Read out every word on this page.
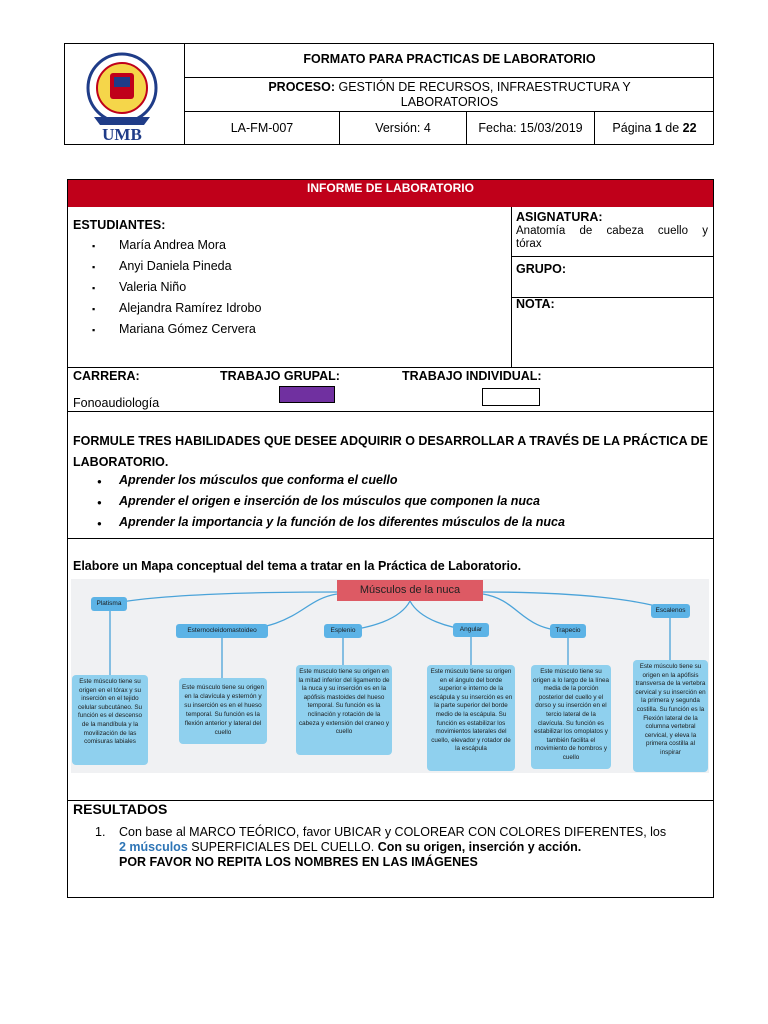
UMB
FORMATO PARA PRACTICAS DE LABORATORIO
PROCESO: GESTIÓN DE RECURSOS, INFRAESTRUCTURA Y
LABORATORIOS
LA-FM-007	Versión: 4	Fecha: 15/03/2019	Página 1 de 22
INFORME DE LABORATORIO
ESTUDIANTES:
▪ María Andrea Mora
▪ Anyi Daniela Pineda
▪ Valeria Niño
▪ Alejandra Ramírez Idrobo
▪ Mariana Gómez Cervera
ASIGNATURA:
Anatomía de cabeza cuello y
tórax
GRUPO:
NOTA:
CARRERA:
Fonoaudiología
TRABAJO GRUPAL:	TRABAJO INDIVIDUAL:
FORMULE TRES HABILIDADES QUE DESEE ADQUIRIR O DESARROLLAR A TRAVÉS DE LA PRÁCTICA DE
LABORATORIO.
● Aprender los músculos que conforma el cuello
● Aprender el origen e inserción de los músculos que componen la nuca
● Aprender la importancia y la función de los diferentes músculos de la nuca
Elabore un Mapa conceptual del tema a tratar en la Práctica de Laboratorio.
Músculos de la nuca
Platisma
Esternocleidomastoideo	Esplenio	Angular	Trapecio
Escalenos
Este músculo tiene su origen en el tórax y su inserción en el tejido celular subcutáneo. Su función es el descenso de la mandíbula y la movilización de las comisuras labiales
Este músculo tiene su origen en la clavícula y esternón y su inserción es en el hueso temporal. Su función es la flexión anterior y lateral del cuello
Este musculo tiene su origen en la mitad inferior del ligamento de la nuca y su inserción es en la apófisis mastoides del hueso temporal. Su función es la nclinación y rotación de la cabeza y extensión del craneo y cuello
Este músculo tiene su origen en el ángulo del borde superior e interno de la escápula y su inserción es en la parte superior del borde medio de la escápula. Su función es estabilizar los movimientos laterales del cuello, elevador y rotador de la escápula
Este músculo tiene su origen a lo largo de la línea media de la porción posterior del cuello y el dorso y su inserción en el tercio lateral de la clavícula. Su función es estabilizar los omoplatos y también facilita el movimiento de hombros y cuello
Este músculo tiene su origen en la apófisis transversa de la vertebra cervical y su inserción en la primera y segunda costilla. Su función es la Flexión lateral de la columna vertebral cervical, y eleva la primera costilla al inspirar
RESULTADOS
1. Con base al MARCO TEÓRICO, favor UBICAR y COLOREAR CON COLORES DIFERENTES, los
2 músculos SUPERFICIALES DEL CUELLO. Con su origen, inserción y acción.
POR FAVOR NO REPITA LOS NOMBRES EN LAS IMÁGENES
